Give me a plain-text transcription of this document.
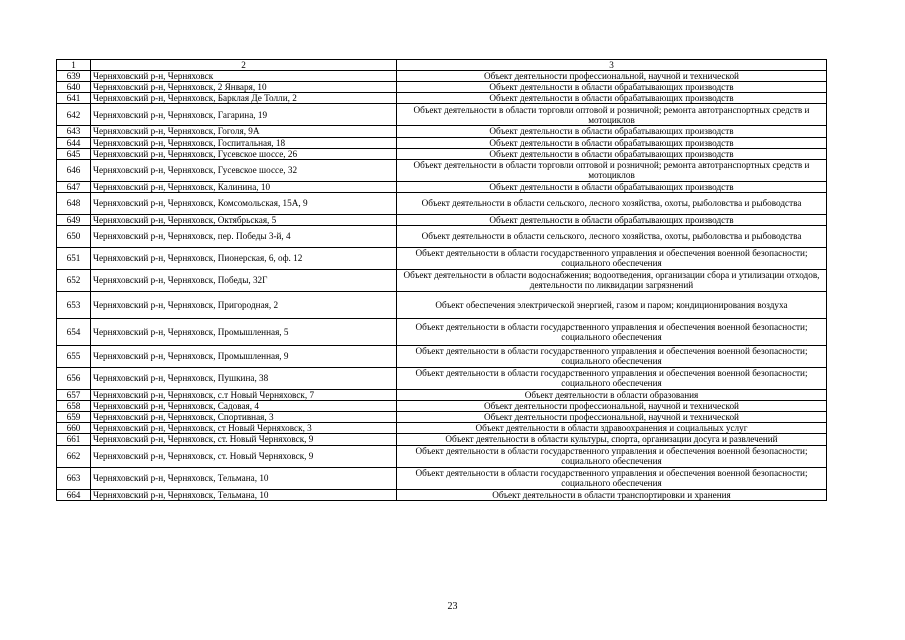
1	2	3
639	Черняховский р-н, Черняховск	Объект деятельности профессиональной, научной и технической
640	Черняховский р-н, Черняховск, 2 Января, 10	Объект деятельности в области обрабатывающих производств
641	Черняховский р-н, Черняховск, Барклая Де Толли, 2	Объект деятельности в области обрабатывающих производств
642	Черняховский р-н, Черняховск, Гагарина, 19	Объект деятельности в области торговли оптовой и розничной; ремонта автотранспортных средств и мотоциклов
643	Черняховский р-н, Черняховск, Гоголя, 9А	Объект деятельности в области обрабатывающих производств
644	Черняховский р-н, Черняховск, Госпитальная, 18	Объект деятельности в области обрабатывающих производств
645	Черняховский р-н, Черняховск, Гусевское шоссе, 26	Объект деятельности в области обрабатывающих производств
646	Черняховский р-н, Черняховск, Гусевское шоссе, 32	Объект деятельности в области торговли оптовой и розничной; ремонта автотранспортных средств и мотоциклов
647	Черняховский р-н, Черняховск, Калинина, 10	Объект деятельности в области обрабатывающих производств
648	Черняховский р-н, Черняховск, Комсомольская, 15А, 9	Объект деятельности в области сельского, лесного хозяйства, охоты, рыболовства и рыбоводства
649	Черняховский р-н, Черняховск, Октябрьская, 5	Объект деятельности в области обрабатывающих производств
650	Черняховский р-н, Черняховск, пер. Победы 3-й, 4	Объект деятельности в области сельского, лесного хозяйства, охоты, рыболовства и рыбоводства
651	Черняховский р-н, Черняховск, Пионерская, 6, оф. 12	Объект деятельности в области государственного управления и обеспечения военной безопасности; социального обеспечения
652	Черняховский р-н, Черняховск, Победы, 32Г	Объект деятельности в области водоснабжения; водоотведения, организации сбора и утилизации отходов, деятельности по ликвидации загрязнений
653	Черняховский р-н, Черняховск, Пригородная, 2	Объект обеспечения электрической энергией, газом и паром; кондиционирования воздуха
654	Черняховский р-н, Черняховск, Промышленная, 5	Объект деятельности в области государственного управления и обеспечения военной безопасности; социального обеспечения
655	Черняховский р-н, Черняховск, Промышленная, 9	Объект деятельности в области государственного управления и обеспечения военной безопасности; социального обеспечения
656	Черняховский р-н, Черняховск, Пушкина, 38	Объект деятельности в области государственного управления и обеспечения военной безопасности; социального обеспечения
657	Черняховский р-н, Черняховск, с.т Новый Черняховск, 7	Объект деятельности в области образования
658	Черняховский р-н, Черняховск, Садовая, 4	Объект деятельности профессиональной, научной и технической
659	Черняховский р-н, Черняховск, Спортивная, 3	Объект деятельности профессиональной, научной и технической
660	Черняховский р-н, Черняховск, ст Новый Черняховск, 3	Объект деятельности в области здравоохранения и социальных услуг
661	Черняховский р-н, Черняховск, ст. Новый Черняховск, 9	Объект деятельности в области культуры, спорта, организации досуга и развлечений
662	Черняховский р-н, Черняховск, ст. Новый Черняховск, 9	Объект деятельности в области государственного управления и обеспечения военной безопасности; социального обеспечения
663	Черняховский р-н, Черняховск, Тельмана, 10	Объект деятельности в области государственного управления и обеспечения военной безопасности; социального обеспечения
664	Черняховский р-н, Черняховск, Тельмана, 10	Объект деятельности в области транспортировки и хранения
23
